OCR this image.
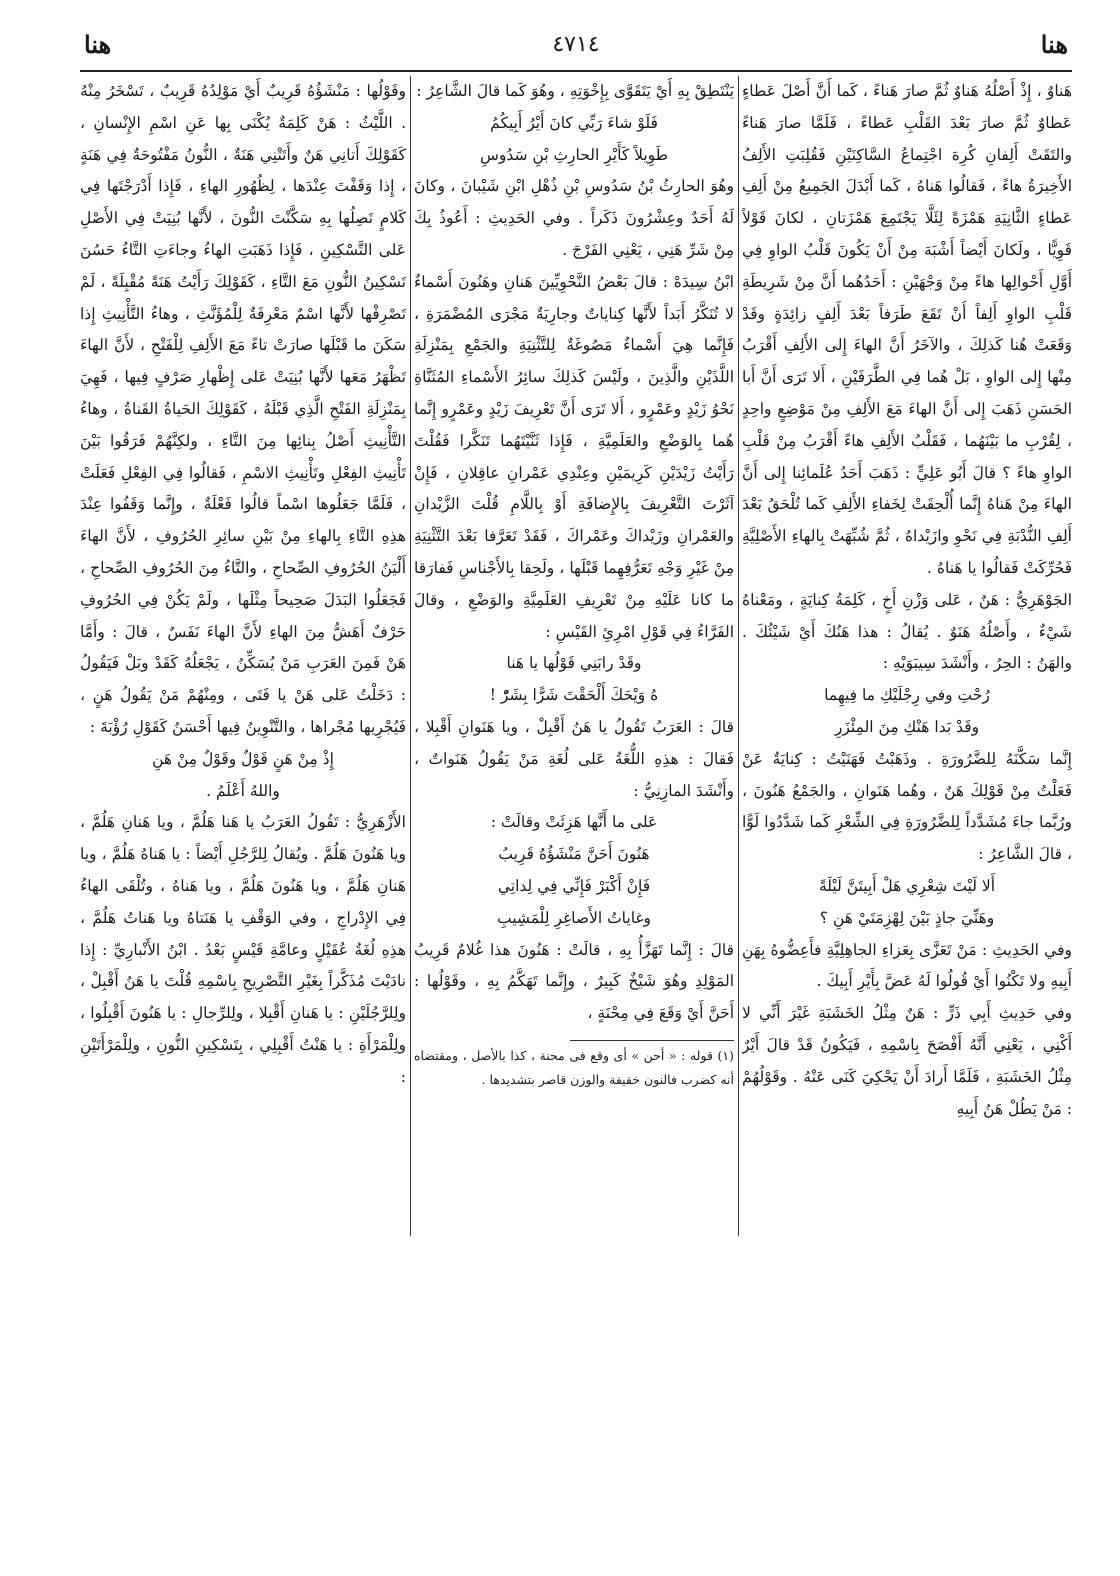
هنا	٤٧١٤	هنا

هَناوٌ ، إِذْ أَصْلُهُ هَناوٌ ثُمَّ صارَ هَناءً ، كَما أَنَّ أَصْلَ عَطاءٍ عَطاوٌ ثُمَّ صارَ بَعْدَ القَلْبِ عَطاءً ، فَلَمَّا صارَ هَناءً والتَقَتْ أَلِفانِ كُرِهَ اجْتِماعُ السَّاكِنَيْنِ فَقُلِبَتِ الأَلِفُ الأَخِيرَةُ هاءً ، فَقالُوا هَناهُ ، كَما أَبْدَلَ الجَمِيعُ مِنْ أَلِفِ عَطاءٍ الثَّانِيَةِ هَمْزَةً لِئَلَّا يَجْتَمِعَ هَمْزَتانِ ، لكانَ قَوْلاً قَوِيًّا ، ولَكانَ أَيْضاً أَشْبَهَ مِنْ أَنْ يَكُونَ قَلْبُ الواوِ فِي أَوَّلِ أَحْوالِها هاءً مِنْ وَجْهَيْنِ : أَحَدُهُما أَنَّ مِنْ شَرِيطَةِ قَلْبِ الواوِ أَلِفاً أَنْ تَقَعَ طَرَفاً بَعْدَ أَلِفٍ زائِدَةٍ وقَدْ وَقَعَتْ هُنا كَذلِكَ ، والآخَرُ أَنَّ الهاءَ إِلى الأَلِفِ أَقْرَبُ مِنْها إِلى الواوِ ، بَلْ هُما فِي الطَّرَفَيْنِ ، أَلا تَرَى أَنَّ أَبا الحَسَنِ ذَهَبَ إِلى أَنَّ الهاءَ مَعَ الأَلِفِ مِنْ مَوْضِعٍ واحِدٍ ، لِقُرْبِ ما بَيْنَهُما ، فَقَلْبُ الأَلِفِ هاءً أَقْرَبُ مِنْ قَلْبِ الواوِ هاءً ؟ قالَ أَبُو عَلِيٍّ : ذَهَبَ أَحَدُ عُلَمائِنا إِلى أَنَّ الهاءَ مِنْ هَناهُ إِنَّما أُلْحِقَتْ لِخَفاءِ الأَلِفِ كَما تُلْحَقُ بَعْدَ أَلِفِ النُّدْبَةِ فِي نَحْوِ وازَيْداهُ ، ثُمَّ شُبِّهَتْ بِالهاءِ الأَصْلِيَّةِ فَحُرِّكَتْ فَقالُوا يا هَناهُ .

الجَوْهَرِيُّ : هَنٌ ، عَلى وَزْنِ أَخٍ ، كَلِمَةُ كِنايَةٍ ، ومَعْناهُ شَيْءٌ ، وأَصْلُهُ هَنَوٌ . يُقالُ : هذا هَنُكَ أَيْ شَيْئُكَ . والهَنُ : الحِرُ ، وأَنْشَدَ سِيبَوَيْهِ :

رُحْتِ وفي رِجْلَيْكِ ما فِيهِما

وقَدْ بَدا هَنْكِ مِنَ المِئْزَرِ

إِنَّما سَكَّنَهُ لِلضَّرُورَةِ . وذَهَبْتُ فَهَنَيْتُ : كِنايَةٌ عَنْ فَعَلْتُ مِنْ قَوْلِكَ هَنٌ ، وهُما هَنَوانِ ، والجَمْعُ هَنُونَ ، ورُبَّما جاءَ مُشَدَّداً لِلضَّرُورَةِ فِي الشِّعْرِ كَما شَدَّدُوا لَوًّا ، قالَ الشَّاعِرُ :

أَلا لَيْتَ شِعْرِي هَلْ أَبِيتَنَّ لَيْلَةً

وهَنِّيَ جاذٍ بَيْنَ لِهْزِمَتَيْ هَنِ ؟

وفي الحَدِيثِ : مَنْ تَعَزَّى بِعَزاءِ الجاهِلِيَّةِ فأَعِضُّوهُ بِهَنِ أَبِيهِ ولا تَكْنُوا أَيْ قُولُوا لَهُ عَضَّ بِأَيْرِ أَبِيكَ .

وفي حَدِيثِ أَبِي ذَرٍّ : هَنٌ مِثْلُ الخَشَبَةِ غَيْرَ أَنِّي لا أَكْنِي ، يَعْنِي أَنَّهُ أَفْصَحَ بِاسْمِهِ ، فَيَكُونُ قَدْ قالَ أَيْرٌ مِثْلُ الخَشَبَةِ ، فَلَمَّا أَرادَ أَنْ يَحْكِيَ كَنَى عَنْهُ . وقَوْلُهُمْ : مَنْ يَطُلْ هَنُ أَبِيهِ

يَنْتَطِقْ بِهِ أَيْ يَتَقَوَّى بِإِخْوَتِهِ ، وهُوَ كَما قالَ الشَّاعِرُ :

فَلَوْ شاءَ رَبِّي كانَ أَيْرُ أَبِيكُمُ

طَوِيلاً كَأَيْرِ الحارِثِ بْنِ سَدُوسِ

وهُوَ الحارِثُ بْنُ سَدُوسِ بْنِ ذُهْلِ ابْنِ شَيْبانَ ، وكانَ لَهُ أَحَدٌ وعِشْرُونَ ذَكَراً . وفي الحَدِيثِ : أَعُوذُ بِكَ مِنْ شَرِّ هَنِي ، يَعْنِي الفَرْجَ .

ابْنُ سِيدَهْ : قالَ بَعْضُ النَّحْوِيِّينَ هَنانِ وهَنُونَ أَسْماءٌ لا تُنَكَّرُ أَبَداً لأَنَّها كِناياتٌ وجارِيَةٌ مَجْرَى المُضْمَرَةِ ، فَإِنَّما هِيَ أَسْماءٌ مَصُوغَةٌ لِلتَّثْنِيَةِ والجَمْعِ بِمَنْزِلَةِ اللَّذَيْنِ والَّذِينَ ، ولَيْسَ كَذلِكَ سائِرُ الأَسْماءِ المُثَنَّاةِ نَحْوُ زَيْدٍ وعَمْرٍو ، أَلا تَرَى أَنَّ تَعْرِيفَ زَيْدٍ وعَمْرٍو إِنَّما هُما بِالوَضْعِ والعَلَمِيَّةِ ، فَإِذا ثَنَّيْتَهُما تَنَكَّرا فَقُلْتَ رَأَيْتُ زَيْدَيْنِ كَرِيمَيْنِ وعِنْدِي عَمْرانِ عاقِلانِ ، فَإِنْ آثَرْتَ التَّعْرِيفَ بِالإِضافَةِ أَوْ بِاللَّامِ قُلْتَ الزَّيْدانِ والعَمْرانِ وزَيْداكَ وعَمْراكَ ، فَقَدْ تَعَرَّفا بَعْدَ التَّثْنِيَةِ مِنْ غَيْرِ وَجْهِ تَعَرُّفِهِما قَبْلَها ، ولَحِقا بِالأَجْناسِ فَفارَقا ما كانا عَلَيْهِ مِنْ تَعْرِيفِ العَلَمِيَّةِ والوَضْعِ ، وقالَ الفَرَّاءُ فِي قَوْلِ امْرِئِ القَيْسِ :

وقَدْ رابَنِي قَوْلُها يا هَنا

هُ وَيْحَكَ أَلْحَقْتَ شَرًّا بِشَرّْ !

قالَ : العَرَبُ تَقُولُ يا هَنُ أَقْبِلْ ، ويا هَنَوانِ أَقْبِلا ، فَقالَ : هذِهِ اللُّغَةُ عَلى لُغَةِ مَنْ يَقُولُ هَنَواتٌ ، وأَنْشَدَ المازِنِيُّ :

عَلى ما أَنَّها هَزِئَتْ وقالَتْ :

هَنُونَ أَحَنَّ مَنْشَؤُهُ قَرِيبُ

فَإِنْ أَكْبَرْ فَإِنِّي فِي لِداتِي

وغاياتُ الأَصاغِرِ لِلْمَشِيبِ

قالَ : إِنَّما تَهَزَّأُ بِهِ ، قالَتْ : هَنُونَ هذا غُلامٌ قَرِيبُ المَوْلِدِ وهُوَ شَيْخٌ كَبِيرٌ ، وإِنَّما تَهَكَّمُ بِهِ ، وقَوْلُها : أَحَنَّ أَيْ وَقَعَ فِي مِحْنَةٍ ،

(١) قوله : « أحن » أى وقع فى محنة ، كذا بالأصل ، ومقتضاه أنه كضرب فالنون خفيفة والوزن قاصر بتشديدها .

وقَوْلُها : مَنْشَؤُهُ قَرِيبٌ أَيْ مَوْلِدُهُ قَرِيبٌ ، تَسْخَرُ مِنْهُ . اللَّيْثُ : هَنْ كَلِمَةٌ يُكْنَى بِها عَنِ اسْمِ الإِنْسانِ ، كَقَوْلِكَ أَتانِي هَنٌ وأَتَتْنِي هَنَةٌ ، النُّونُ مَفْتُوحَةٌ فِي هَنَةٍ ، إِذا وَقَفْتَ عِنْدَها ، لِظُهُورِ الهاءِ ، فَإِذا أَدْرَجْتَها فِي كَلامٍ تَصِلُها بِهِ سَكَّنْتَ النُّونَ ، لأَنَّها بُنِيَتْ فِي الأَصْلِ عَلى التَّسْكِينِ ، فَإِذا ذَهَبَتِ الهاءُ وجاءَتِ التَّاءُ حَسُنَ تَسْكِينُ النُّونِ مَعَ التَّاءِ ، كَقَوْلِكَ رَأَيْتُ هَنَةً مُقْبِلَةً ، لَمْ تَصْرِفْها لأَنَّها اسْمٌ مَعْرِفَةٌ لِلْمُؤَنَّثِ ، وهاءُ التَّأْنِيثِ إِذا سَكَنَ ما قَبْلَها صارَتْ تاءً مَعَ الأَلِفِ لِلْفَتْحِ ، لأَنَّ الهاءَ تَظْهَرُ مَعَها لأَنَّها بُنِيَتْ عَلى إِظْهارِ صَرْفٍ فِيها ، فَهِيَ بِمَنْزِلَةِ الفَتْحِ الَّذِي قَبْلَهُ ، كَقَوْلِكَ الحَياةُ القَناةُ ، وهاءُ التَّأْنِيثِ أَصْلُ بِنائِها مِنَ التَّاءِ ، ولكِنَّهُمْ فَرَقُوا بَيْنَ تَأْنِيثِ الفِعْلِ وتَأْنِيثِ الاسْمِ ، فَقالُوا فِي الفِعْلِ فَعَلَتْ ، فَلَمَّا جَعَلُوها اسْماً قالُوا فَعْلَةٌ ، وإِنَّما وَقَفُوا عِنْدَ هذِهِ التَّاءِ بِالهاءِ مِنْ بَيْنِ سائِرِ الحُرُوفِ ، لأَنَّ الهاءَ أَلْيَنُ الحُرُوفِ الصِّحاحِ ، والتَّاءُ مِنَ الحُرُوفِ الصِّحاحِ ، فَجَعَلُوا البَدَلَ صَحِيحاً مِثْلَها ، ولَمْ يَكُنْ فِي الحُرُوفِ حَرْفٌ أَهَشُّ مِنَ الهاءِ لأَنَّ الهاءَ نَفَسٌ ، قالَ : وأَمَّا هَنْ فَمِنَ العَرَبِ مَنْ يُسَكِّنُ ، يَجْعَلُهُ كَقَدْ وبَلْ فَيَقُولُ : دَخَلْتُ عَلى هَنْ يا فَتَى ، ومِنْهُمْ مَنْ يَقُولُ هَنٍ ، فَيُجْرِيها مُجْراها ، والتَّنْوِينُ فِيها أَحْسَنُ كَقَوْلِ رُؤْبَةَ :

إِذْ مِنْ هَنٍ قَوْلٌ وقَوْلٌ مِنْ هَنِ

واللهُ أَعْلَمُ .

الأَزْهَرِيُّ : تَقُولُ العَرَبُ يا هَنا هَلُمَّ ، ويا هَنانِ هَلُمَّ ، ويا هَنُونَ هَلُمَّ . ويُقالُ لِلرَّجُلِ أَيْضاً : يا هَناهُ هَلُمَّ ، ويا هَنانِ هَلُمَّ ، ويا هَنُونَ هَلُمَّ ، ويا هَناهُ ، وتُلْقَى الهاءُ فِي الإِدْراجِ ، وفي الوَقْفِ يا هَنَتاهُ ويا هَناتُ هَلُمَّ ، هذِهِ لُغَةُ عُقَيْلٍ وعامَّةِ قَيْسٍ بَعْدُ . ابْنُ الأَنْبارِيِّ : إِذا نادَيْتَ مُذَكَّراً بِغَيْرِ التَّصْرِيحِ بِاسْمِهِ قُلْتَ يا هَنُ أَقْبِلْ ، ولِلرَّجُلَيْنِ : يا هَنانِ أَقْبِلا ، ولِلرِّجالِ : يا هَنُونَ أَقْبِلُوا ، ولِلْمَرْأَةِ : يا هَنْتُ أَقْبِلِي ، بِتَسْكِينِ النُّونِ ، ولِلْمَرْأَتَيْنِ :
